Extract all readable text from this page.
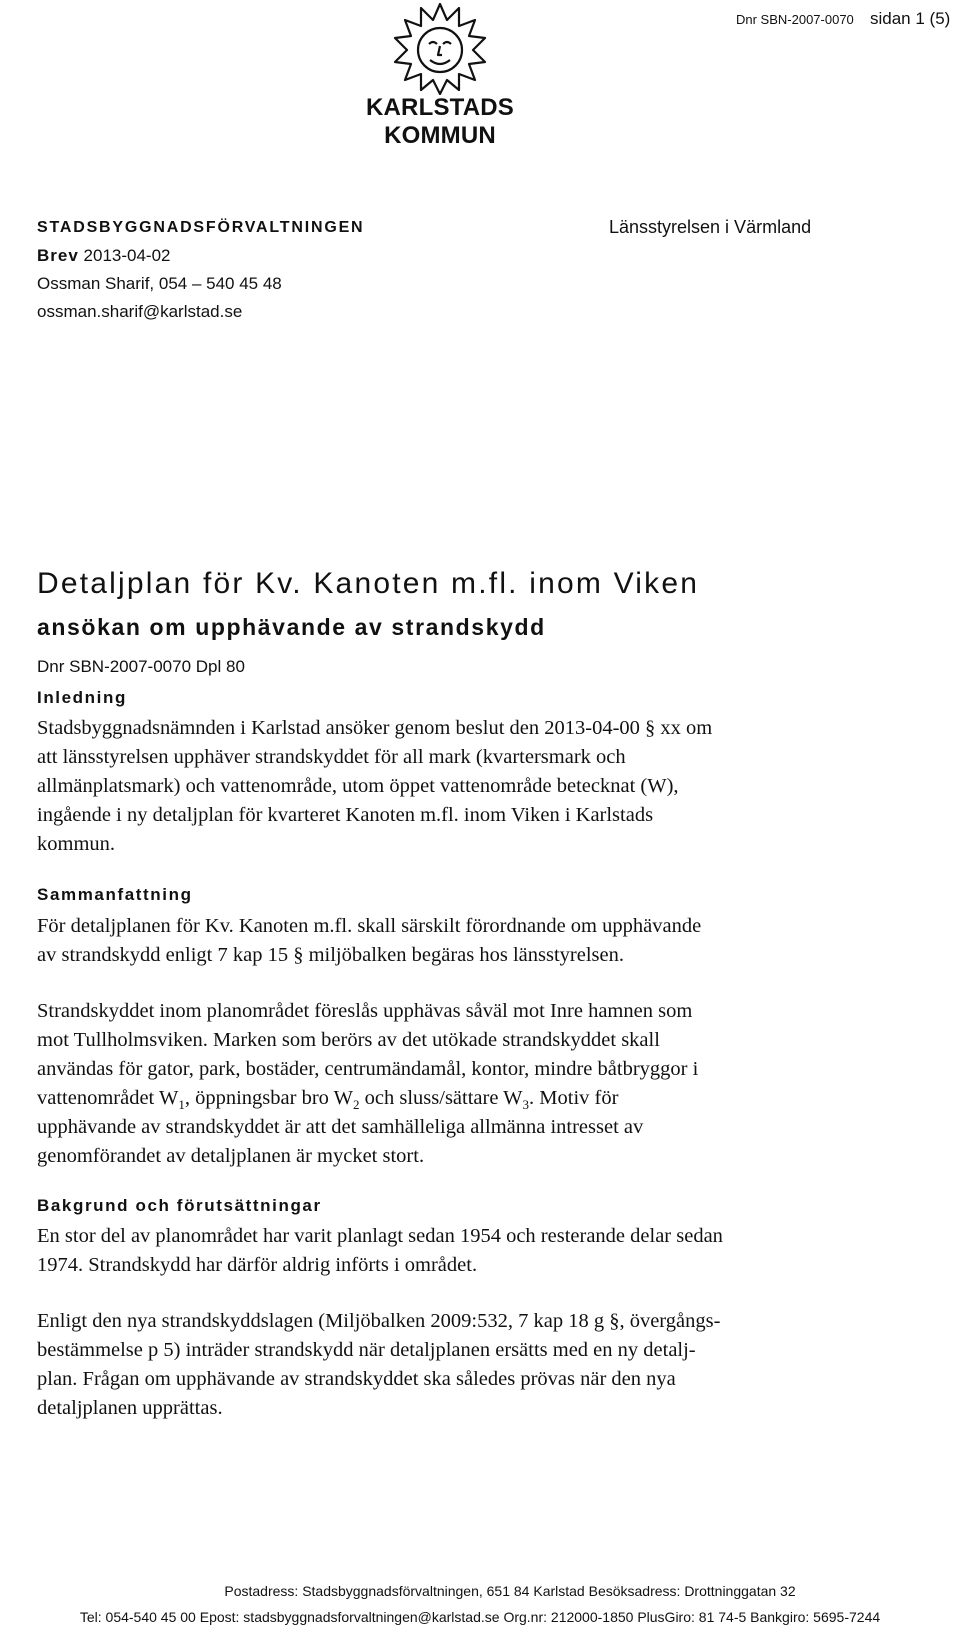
Dnr SBN-2007-0070 sidan 1 (5)
KARLSTADS KOMMUN
STADSBYGGNADSFÖRVALTNINGEN
Brev 2013-04-02
Ossman Sharif, 054 – 540 45 48
ossman.sharif@karlstad.se
Länsstyrelsen i Värmland
Detaljplan för Kv. Kanoten m.fl. inom Viken
ansökan om upphävande av strandskydd
Dnr SBN-2007-0070 Dpl 80
Inledning
Stadsbyggnadsnämnden i Karlstad ansöker genom beslut den 2013-04-00 § xx om
att länsstyrelsen upphäver strandskyddet för all mark (kvartersmark och
allmänplatsmark) och vattenområde, utom öppet vattenområde betecknat (W),
ingående i ny detaljplan för kvarteret Kanoten m.fl. inom Viken i Karlstads
kommun.
Sammanfattning
För detaljplanen för Kv. Kanoten m.fl. skall särskilt förordnande om upphävande
av strandskydd enligt 7 kap 15 § miljöbalken begäras hos länsstyrelsen.
Strandskyddet inom planområdet föreslås upphävas såväl mot Inre hamnen som
mot Tullholmsviken. Marken som berörs av det utökade strandskyddet skall
användas för gator, park, bostäder, centrumändamål, kontor, mindre båtbryggor i
vattenområdet $W_1$, öppningsbar bro $W_2$ och sluss/sättare $W_3$. Motiv för
upphävande av strandskyddet är att det samhälleliga allmänna intresset av
genomförandet av detaljplanen är mycket stort.
Bakgrund och förutsättningar
En stor del av planområdet har varit planlagt sedan 1954 och resterande delar sedan
1974. Strandskydd har därför aldrig införts i området.
Enligt den nya strandskyddslagen (Miljöbalken 2009:532, 7 kap 18 g §, övergångs-
bestämmelse p 5) inträder strandskydd när detaljplanen ersätts med en ny detalj-
plan. Frågan om upphävande av strandskyddet ska således prövas när den nya
detaljplanen upprättas.
Postadress: Stadsbyggnadsförvaltningen, 651 84 Karlstad Besöksadress: Drottninggatan 32
Tel: 054-540 45 00 Epost: stadsbyggnadsforvaltningen@karlstad.se Org.nr: 212000-1850 PlusGiro: 81 74-5 Bankgiro: 5695-7244
